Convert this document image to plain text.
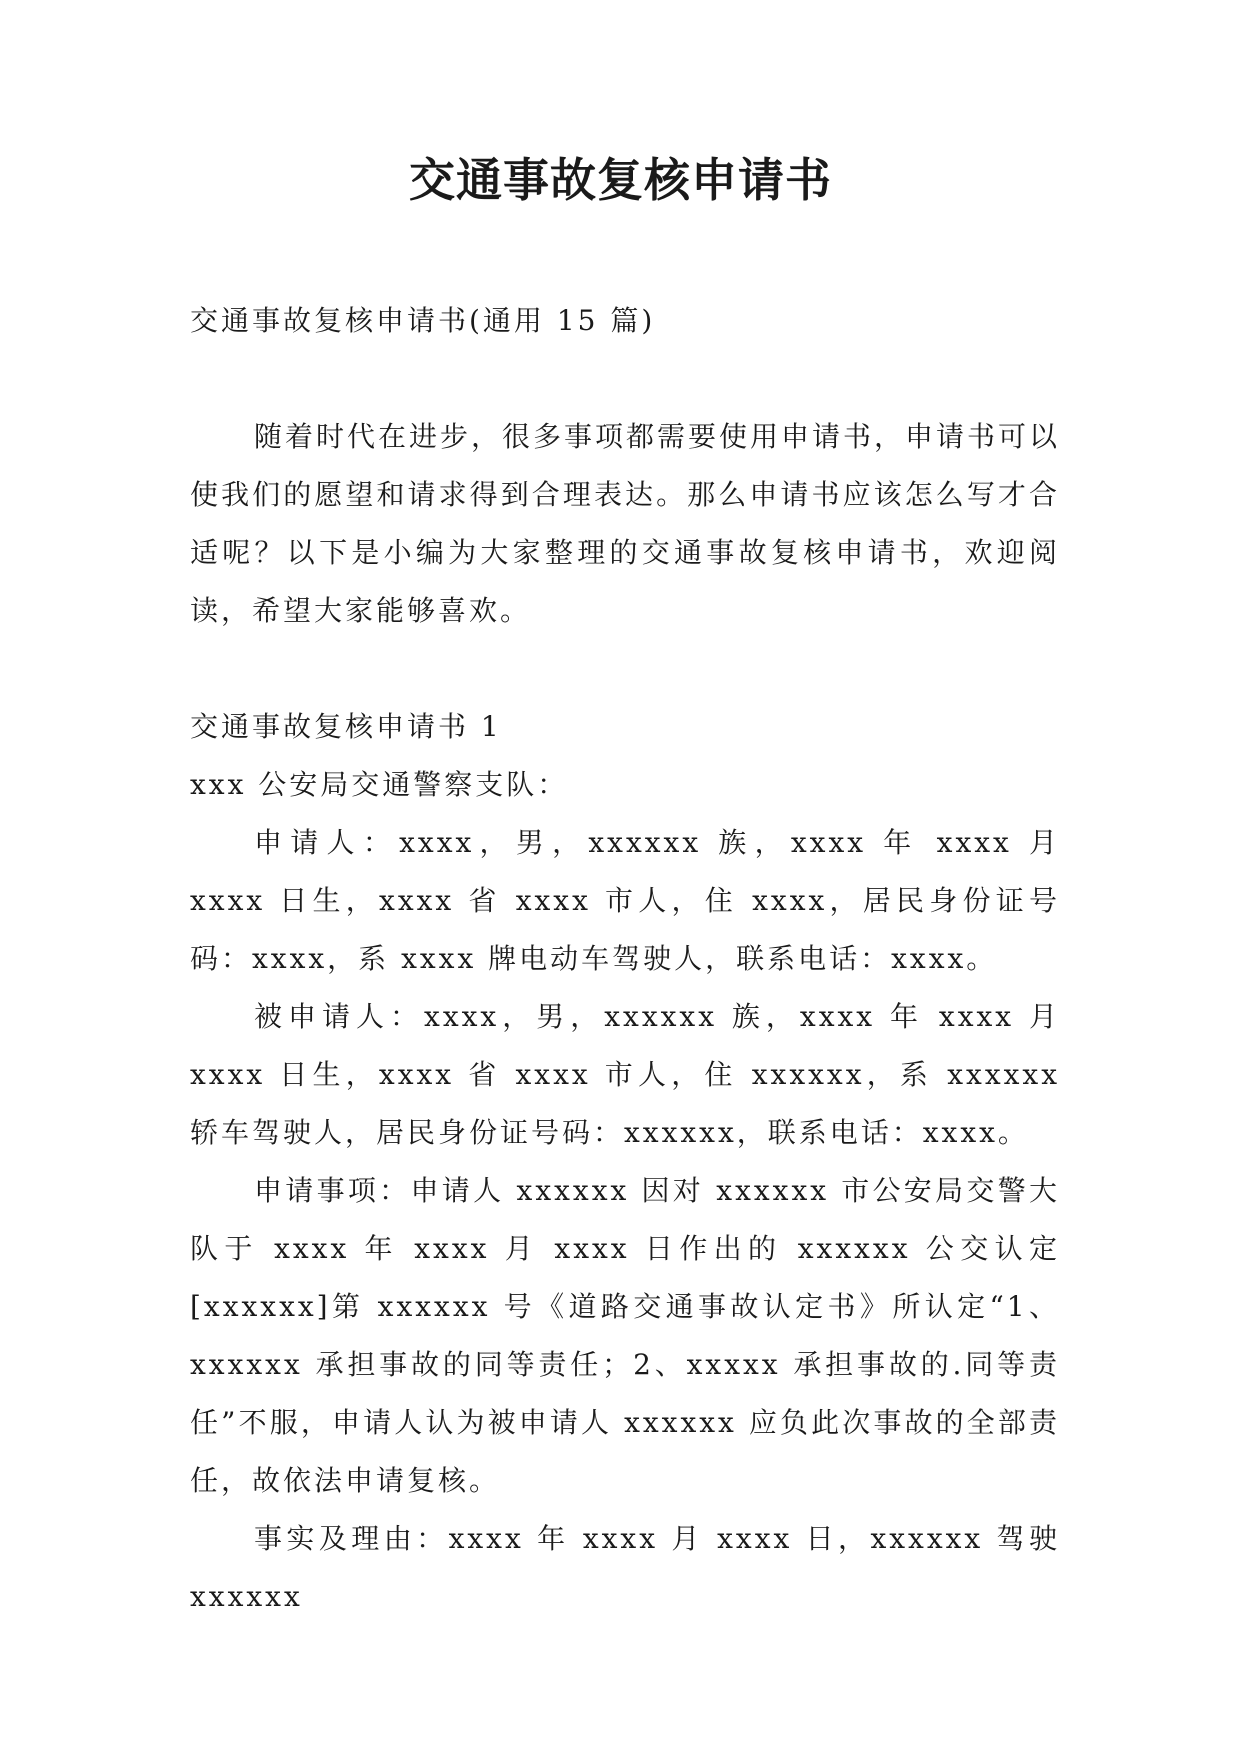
交通事故复核申请书

交通事故复核申请书(通用 15 篇)

随着时代在进步，很多事项都需要使用申请书，申请书可以使我们的愿望和请求得到合理表达。那么申请书应该怎么写才合适呢？以下是小编为大家整理的交通事故复核申请书，欢迎阅读，希望大家能够喜欢。

交通事故复核申请书 1

xxx 公安局交通警察支队：

申请人：xxxx，男，xxxxxx 族，xxxx 年 xxxx 月 xxxx 日生，xxxx 省 xxxx 市人，住 xxxx，居民身份证号码：xxxx，系 xxxx 牌电动车驾驶人，联系电话：xxxx。

被申请人：xxxx，男，xxxxxx 族，xxxx 年 xxxx 月 xxxx 日生，xxxx 省 xxxx 市人，住 xxxxxx，系 xxxxxx 轿车驾驶人，居民身份证号码：xxxxxx，联系电话：xxxx。

申请事项：申请人 xxxxxx 因对 xxxxxx 市公安局交警大队于 xxxx 年 xxxx 月 xxxx 日作出的 xxxxxx 公交认定[xxxxxx]第 xxxxxx 号《道路交通事故认定书》所认定“1、xxxxxx 承担事故的同等责任；2、xxxxx 承担事故的.同等责任”不服，申请人认为被申请人 xxxxxx 应负此次事故的全部责任，故依法申请复核。

事实及理由：xxxx 年 xxxx 月 xxxx 日，xxxxxx 驾驶 xxxxxx
